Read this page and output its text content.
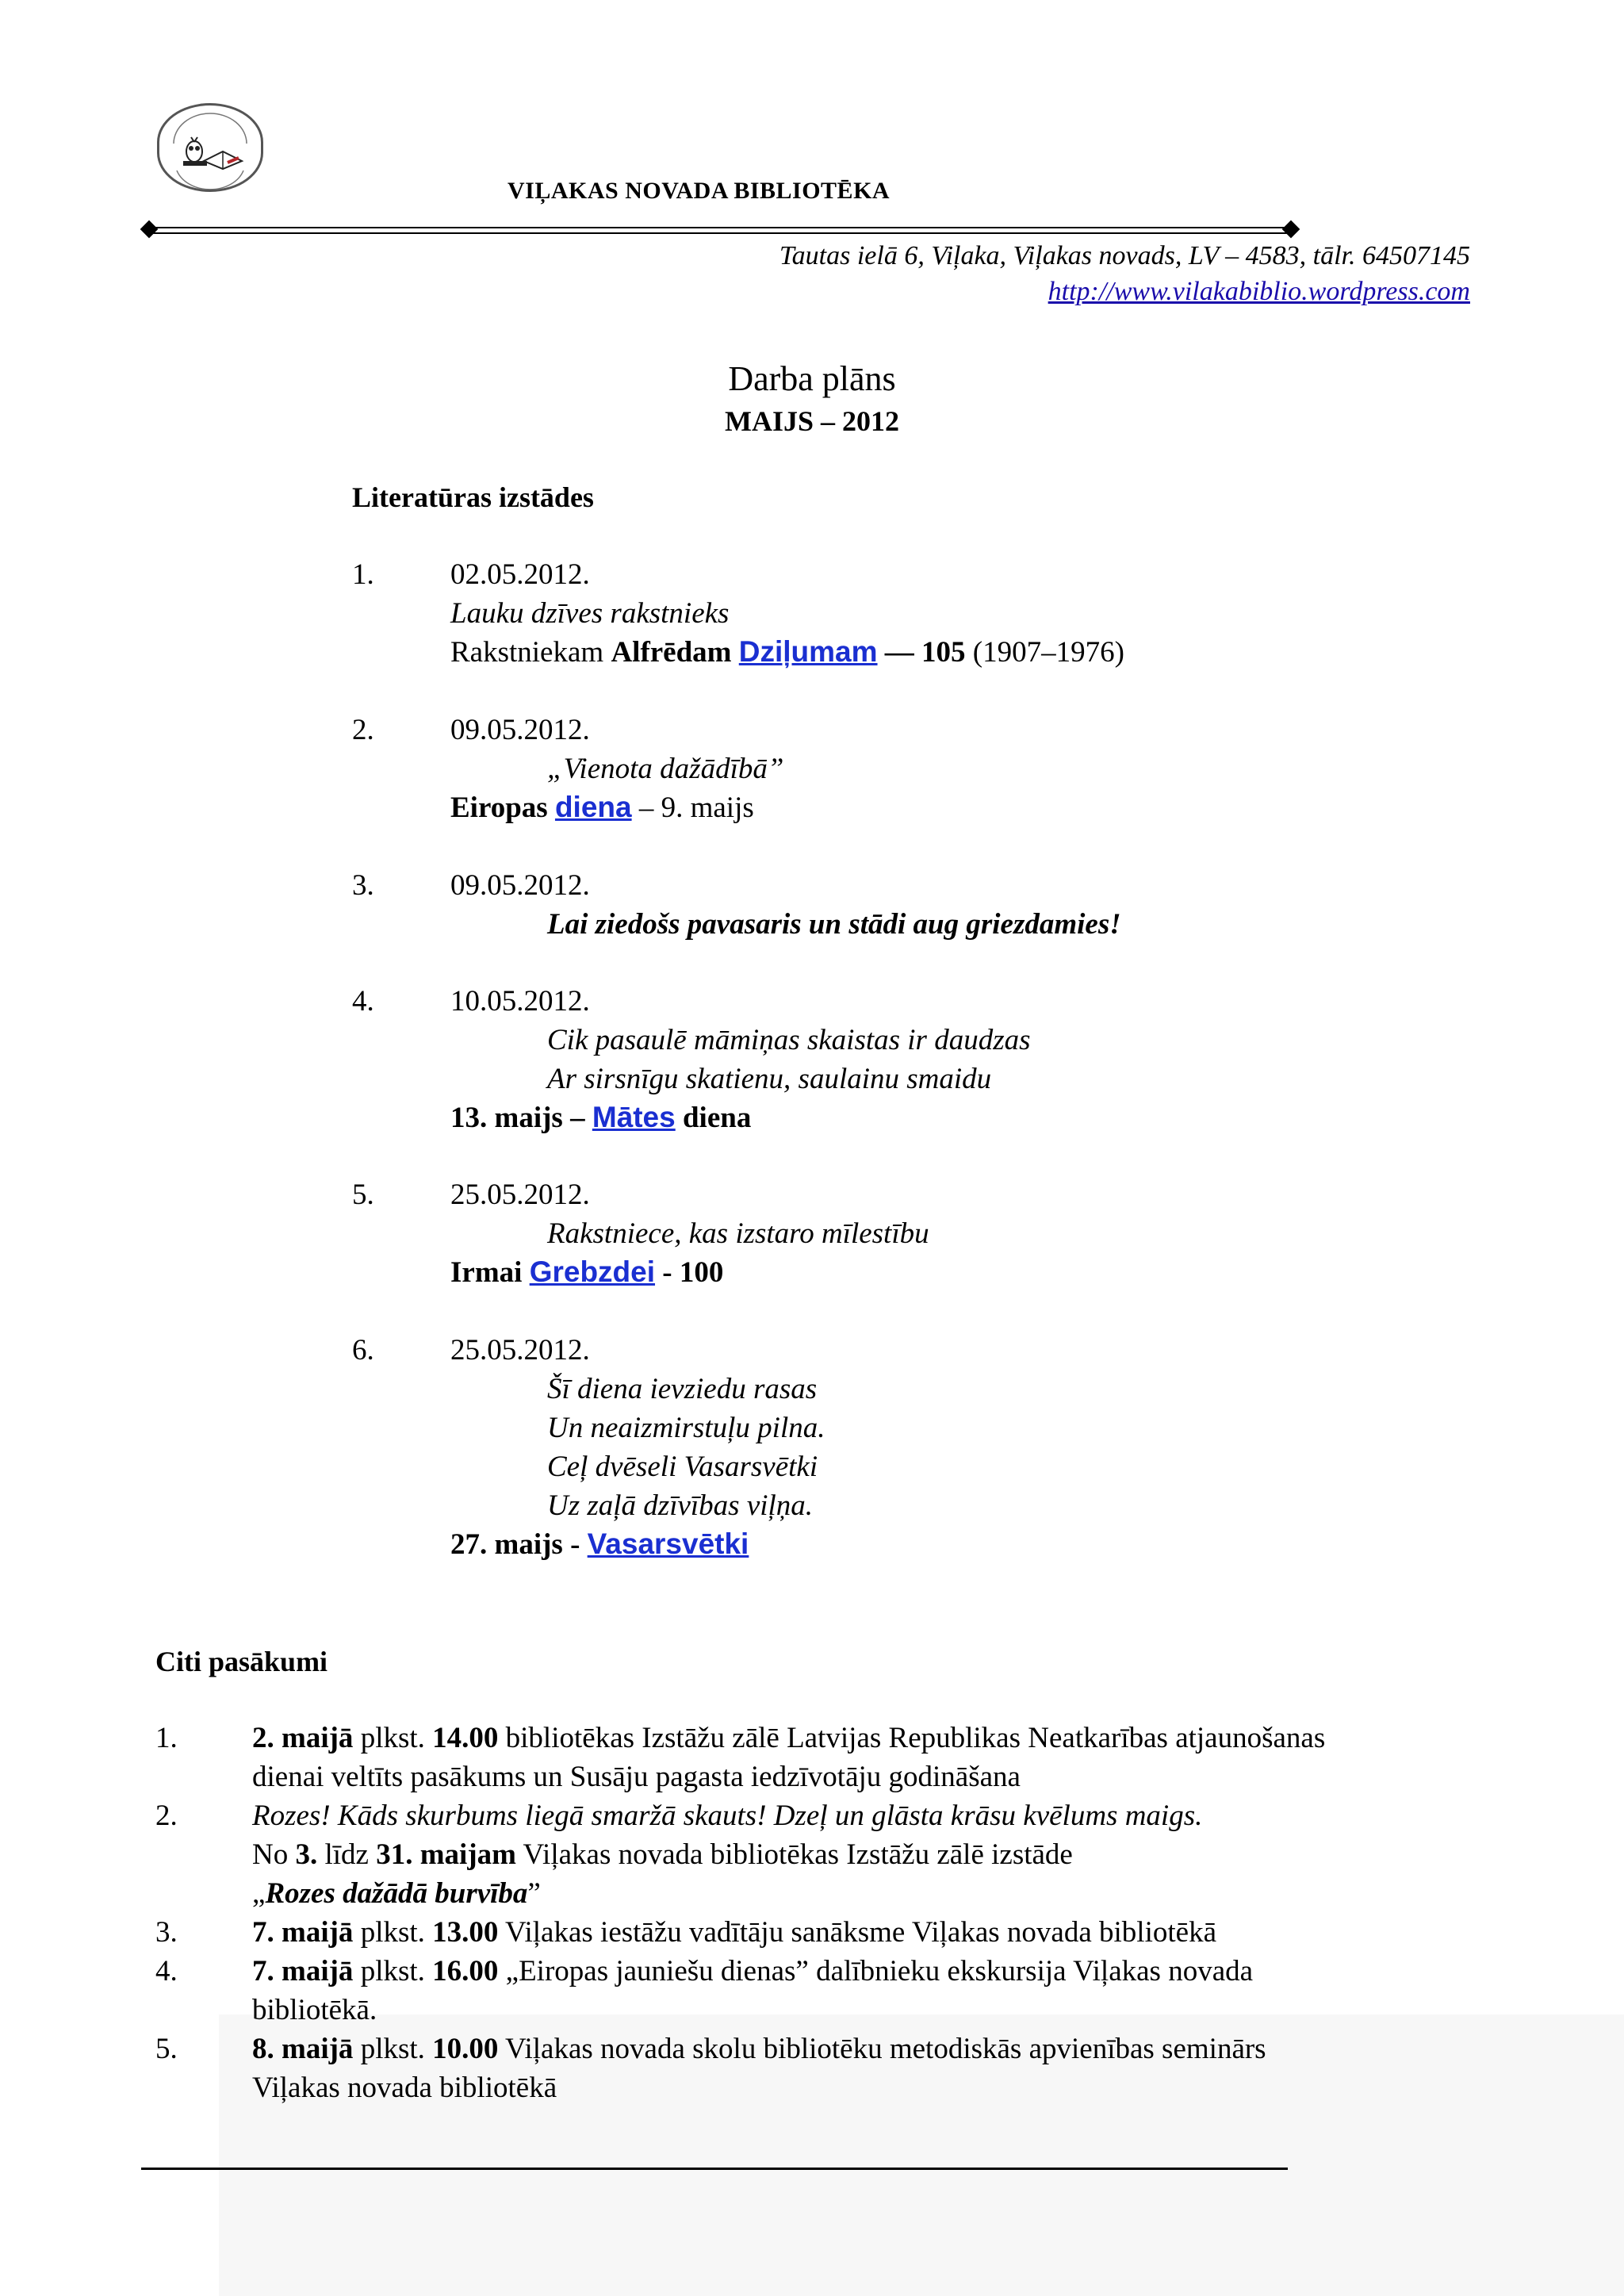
VIĻAKAS NOVADA BIBLIOTĒKA
Tautas ielā 6, Viļaka, Viļakas novads, LV – 4583, tālr. 64507145
http://www.vilakabiblio.wordpress.com
Darba plāns
MAIJS – 2012
Literatūras izstādes
1.	02.05.2012.
Lauku dzīves rakstnieks
Rakstniekam Alfrēdam Dziļumam — 105 (1907–1976)
2.	09.05.2012.
„Vienota dažādībā”
Eiropas diena – 9. maijs
3.	09.05.2012.
Lai ziedošs pavasaris un stādi aug griezdamies!
4.	10.05.2012.
Cik pasaulē māmiņas skaistas ir daudzas
Ar sirsnīgu skatienu, saulainu smaidu
13. maijs – Mātes diena
5.	25.05.2012.
Rakstniece, kas izstaro mīlestību
Irmai Grebzdei - 100
6.	25.05.2012.
Šī diena ievziedu rasas
Un neaizmirstuļu pilna.
Ceļ dvēseli Vasarsvētki
Uz zaļā dzīvības viļņa.
27. maijs - Vasarsvētki
Citi pasākumi
1.	2. maijā plkst. 14.00 bibliotēkas Izstāžu zālē Latvijas Republikas Neatkarības atjaunošanas
dienai veltīts pasākums un Susāju pagasta iedzīvotāju godināšana
2.	Rozes! Kāds skurbums liegā smaržā skauts! Dzeļ un glāsta krāsu kvēlums maigs.
No 3. līdz 31. maijam Viļakas novada bibliotēkas Izstāžu zālē izstāde
„Rozes dažādā burvība”
3.	7. maijā plkst. 13.00 Viļakas iestāžu vadītāju sanāksme Viļakas novada bibliotēkā
4.	7. maijā plkst. 16.00 „Eiropas jauniešu dienas” dalībnieku ekskursija Viļakas novada
bibliotēkā.
5.	8. maijā plkst. 10.00 Viļakas novada skolu bibliotēku metodiskās apvienības seminārs
Viļakas novada bibliotēkā
